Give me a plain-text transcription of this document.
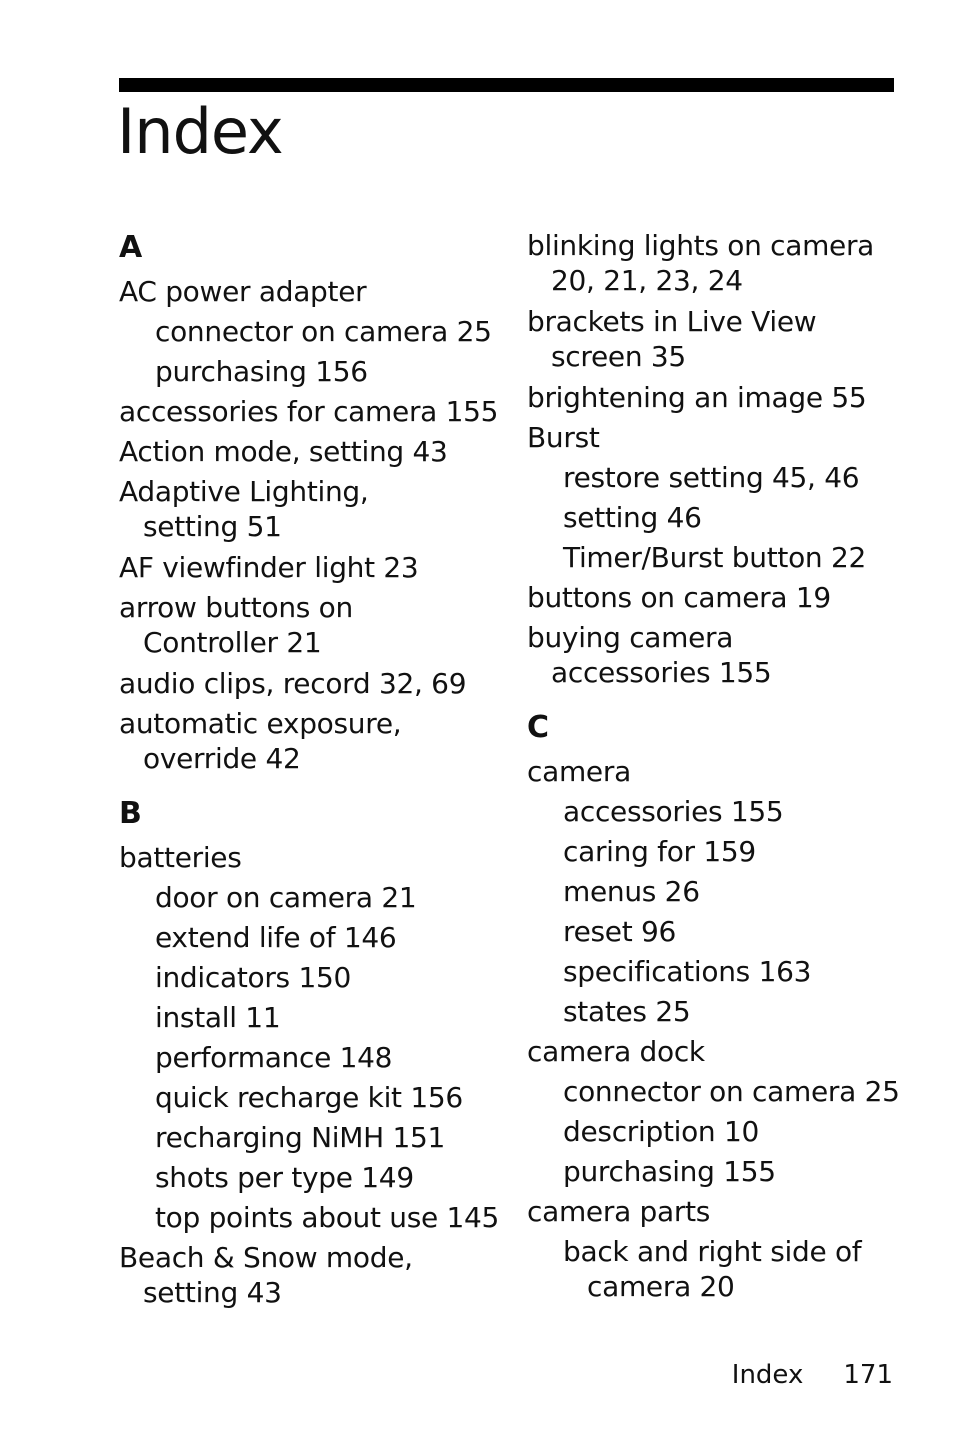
Index
A
AC power adapter
connector on camera 25
purchasing 156
accessories for camera 155
Action mode, setting 43
Adaptive Lighting,
setting 51
AF viewfinder light 23
arrow buttons on
Controller 21
audio clips, record 32, 69
automatic exposure,
override 42
B
batteries
door on camera 21
extend life of 146
indicators 150
install 11
performance 148
quick recharge kit 156
recharging NiMH 151
shots per type 149
top points about use 145
Beach & Snow mode,
setting 43
blinking lights on camera
20, 21, 23, 24
brackets in Live View
screen 35
brightening an image 55
Burst
restore setting 45, 46
setting 46
Timer/Burst button 22
buttons on camera 19
buying camera
accessories 155
C
camera
accessories 155
caring for 159
menus 26
reset 96
specifications 163
states 25
camera dock
connector on camera 25
description 10
purchasing 155
camera parts
back and right side of
camera 20
Index 171
